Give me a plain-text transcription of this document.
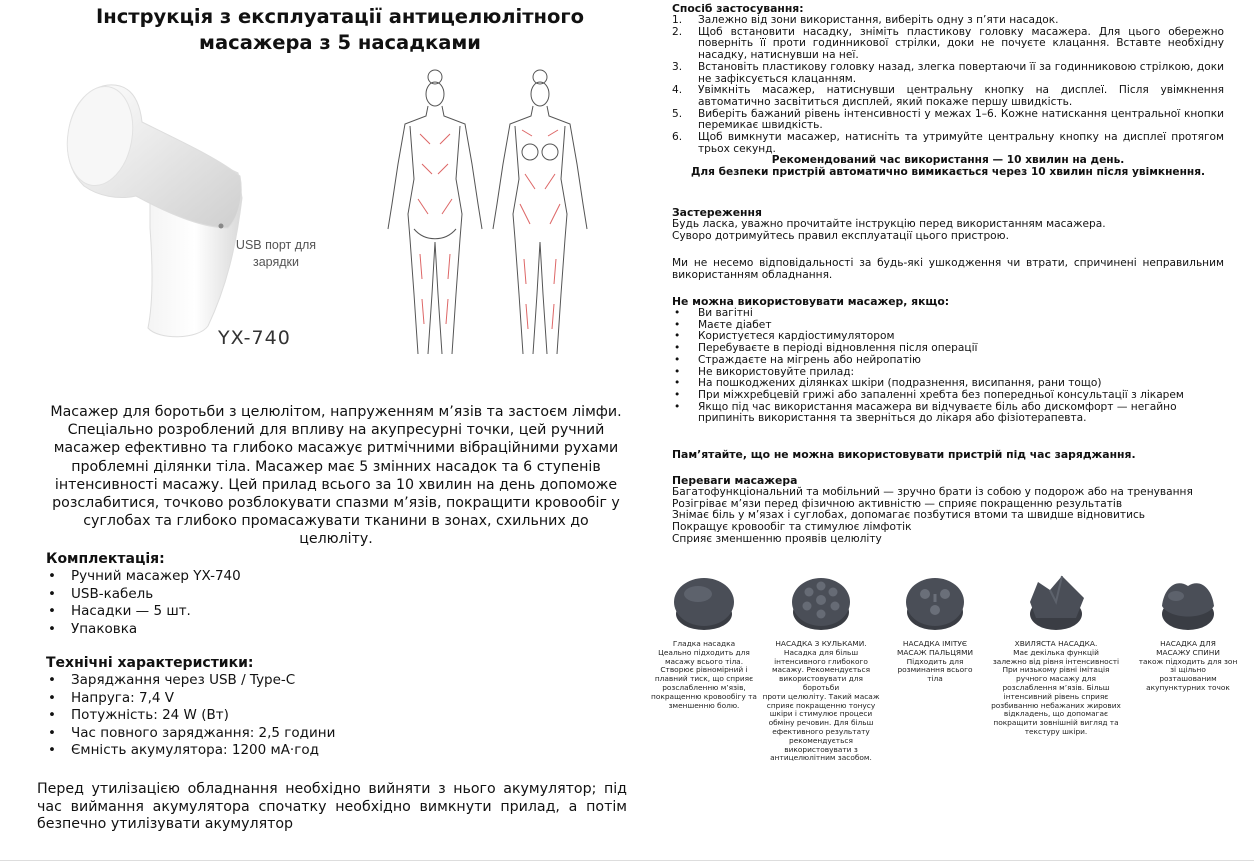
Інструкція з експлуатації антицелюлітного
масажера з 5 насадками
USB порт для
зарядки
YX-740
Масажер для боротьби з целюлітом, напруженням м’язів та застоєм лімфи. Спеціально розроблений для впливу на акупресурні точки, цей ручний масажер ефективно та глибоко масажує ритмічними вібраційними рухами проблемні ділянки тіла. Масажер має 5 змінних насадок та 6 ступенів інтенсивності масажу. Цей прилад всього за 10 хвилин на день допоможе розслабитися, точково розблокувати спазми м’язів, покращити кровообіг у суглобах та глибоко промасажувати тканини в зонах, схильних до целюліту.
Комплектація:
• Ручний масажер YX-740
• USB-кабель
• Насадки — 5 шт.
• Упаковка
Технічні характеристики:
• Заряджання через USB / Type-C
• Напруга: 7,4 V
• Потужність: 24 W (Вт)
• Час повного заряджання: 2,5 години
• Ємність акумулятора: 1200 мА·год
Перед утилізацією обладнання необхідно вийняти з нього акумулятор; під час виймання акумулятора спочатку необхідно вимкнути прилад, а потім безпечно утилізувати акумулятор
Спосіб застосування:
1. Залежно від зони використання, виберіть одну з п’яти насадок.
2. Щоб встановити насадку, зніміть пластикову головку масажера. Для цього обережно поверніть її проти годинникової стрілки, доки не почуєте клацання. Вставте необхідну насадку, натиснувши на неї.
3. Встановіть пластикову головку назад, злегка повертаючи її за годинниковою стрілкою, доки не зафіксується клацанням.
4. Увімкніть масажер, натиснувши центральну кнопку на дисплеї. Після увімкнення автоматично засвітиться дисплей, який покаже першу швидкість.
5. Виберіть бажаний рівень інтенсивності у межах 1–6. Кожне натискання центральної кнопки перемикає швидкість.
6. Щоб вимкнути масажер, натисніть та утримуйте центральну кнопку на дисплеї протягом трьох секунд.
Рекомендований час використання — 10 хвилин на день.
Для безпеки пристрій автоматично вимикається через 10 хвилин після увімкнення.
Застереження
Будь ласка, уважно прочитайте інструкцію перед використанням масажера.
Суворо дотримуйтесь правил експлуатації цього пристрою.
Ми не несемо відповідальності за будь-які ушкодження чи втрати, спричинені неправильним використанням обладнання.
Не можна використовувати масажер, якщо:
• Ви вагітні
• Маєте діабет
• Користуєтеся кардіостимулятором
• Перебуваєте в періоді відновлення після операції
• Страждаєте на мігрень або нейропатію
• Не використовуйте прилад:
• На пошкоджених ділянках шкіри (подразнення, висипання, рани тощо)
• При міжхребцевій грижі або запаленні хребта без попередньої консультації з лікарем
• Якщо під час використання масажера ви відчуваєте біль або дискомфорт — негайно припиніть використання та зверніться до лікаря або фізіотерапевта.
Пам’ятайте, що не можна використовувати пристрій під час заряджання.
Переваги масажера
Багатофункціональний та мобільний — зручно брати із собою у подорож або на тренування
Розігріває м’язи перед фізичною активністю — сприяє покращенню результатів
Знімає біль у м’язах і суглобах, допомагає позбутися втоми та швидше відновитись
Покращує кровообіг та стимулює лімфотік
Сприяє зменшенню проявів целюліту
Гладка насадка
Цеально підходить для
масажу всього тіла.
Створює рівномірний і
плавний тиск, що сприяє
розслабленню м’язів,
покращенню кровообігу та
зменшенню болю.
НАСАДКА З КУЛЬКАМИ.
Насадка для більш
інтенсивного глибокого
масажу. Рекомендується
використовувати для боротьби
проти целюліту. Такий масаж
сприяє покращенню тонусу
шкіри і стимулює процеси
обміну речовин. Для більш
ефективного результату
рекомендується
використовувати з
антицелюлітним засобом.
НАСАДКА ІМІТУЄ
МАСАЖ ПАЛЬЦЯМИ
Підходить для
розминання всього
тіла
ХВИЛЯСТА НАСАДКА.
Має декілька функцій
залежно від рівня інтенсивності
При низькому рівні імітація
ручного масажу для
розслаблення м’язів. Більш
інтенсивний рівень сприяє
розбиванню небажаних жирових
відкладень, що допомагає
покращити зовнішній вигляд та
текстуру шкіри.
НАСАДКА ДЛЯ
МАСАЖУ СПИНИ
також підходить для зон
зі щільно
розташованим
акупунктурних точок
